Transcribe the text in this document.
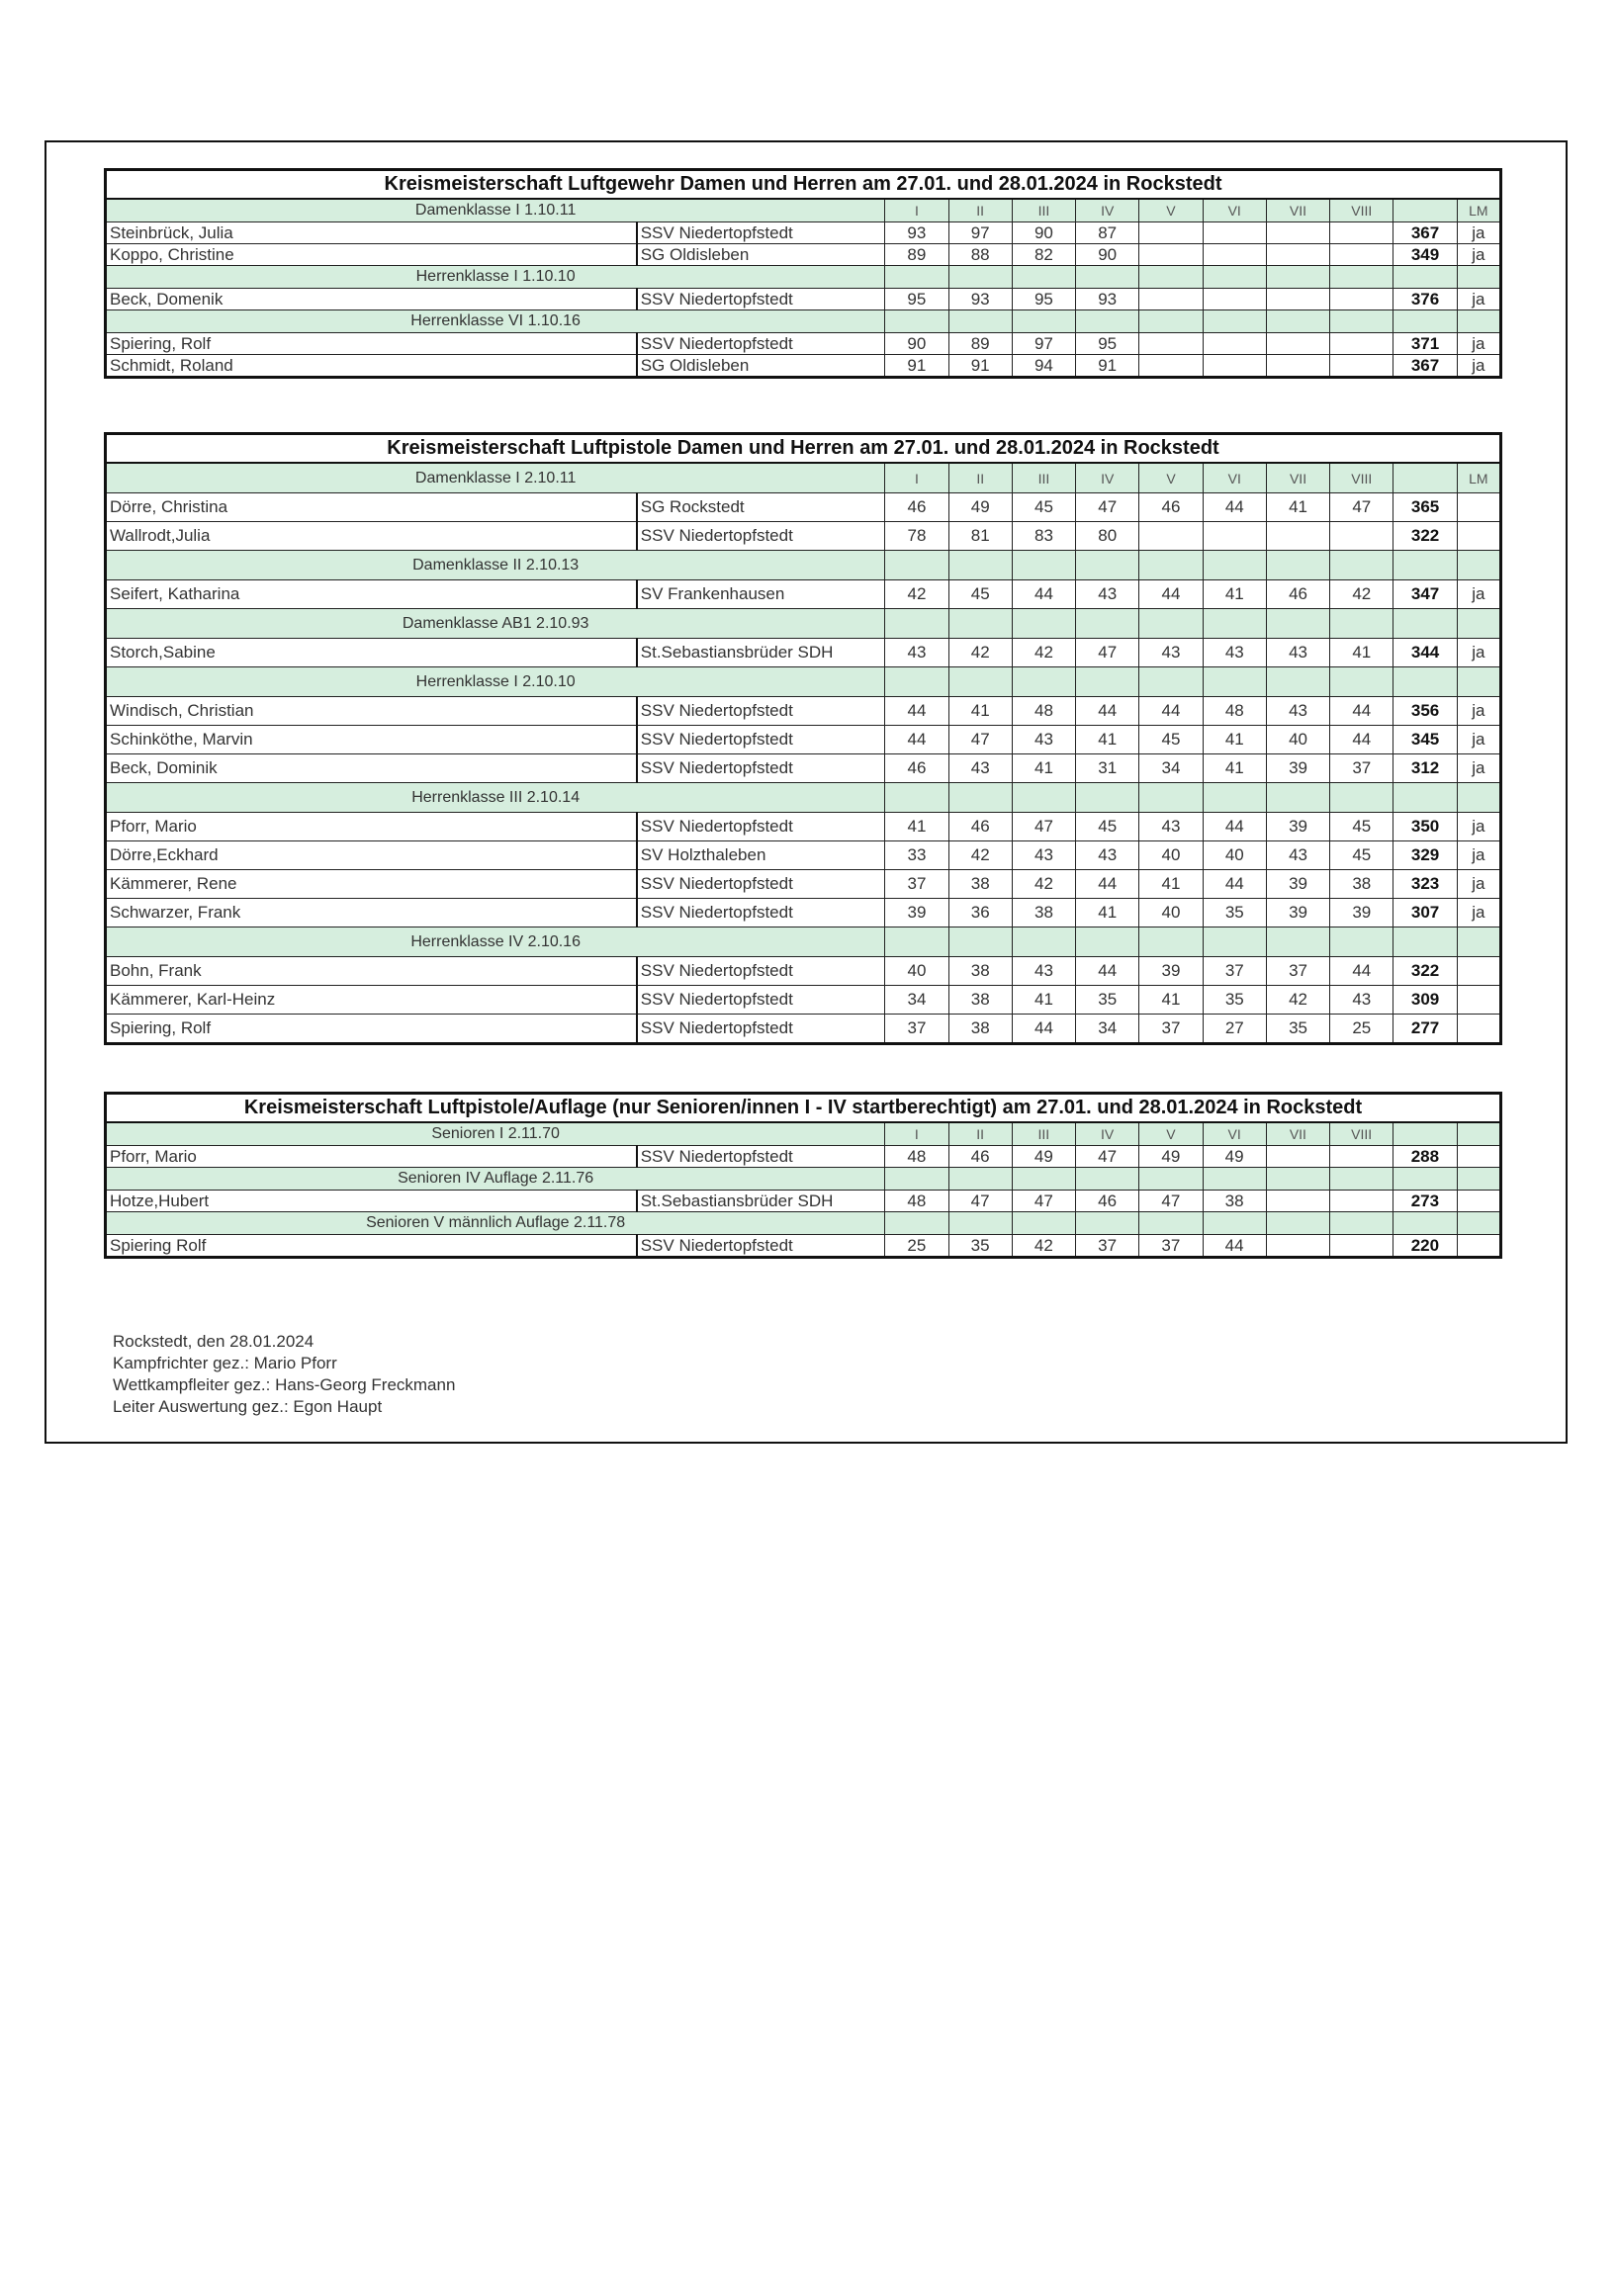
Kreismeisterschaft Luftgewehr Damen und Herren am 27.01. und 28.01.2024 in Rockstedt											
Damenklasse I 1.10.11		I	II	III	IV	V	VI	VII	VIII		LM
Steinbrück, Julia	SSV Niedertopfstedt	93	97	90	87					367	ja
Koppo, Christine	SG Oldisleben	89	88	82	90					349	ja
Herrenklasse I 1.10.10											
Beck, Domenik	SSV Niedertopfstedt	95	93	95	93					376	ja
Herrenklasse VI 1.10.16											
Spiering, Rolf	SSV Niedertopfstedt	90	89	97	95					371	ja
Schmidt, Roland	SG Oldisleben	91	91	94	91					367	ja
Kreismeisterschaft Luftpistole Damen und Herren am 27.01. und 28.01.2024 in Rockstedt											
Damenklasse I 2.10.11		I	II	III	IV	V	VI	VII	VIII		LM
Dörre, Christina	SG Rockstedt	46	49	45	47	46	44	41	47	365	
Wallrodt,Julia	SSV Niedertopfstedt	78	81	83	80					322	
Damenklasse II 2.10.13											
Seifert, Katharina	SV Frankenhausen	42	45	44	43	44	41	46	42	347	ja
Damenklasse AB1 2.10.93											
Storch,Sabine	St.Sebastiansbrüder SDH	43	42	42	47	43	43	43	41	344	ja
Herrenklasse I 2.10.10											
Windisch, Christian	SSV Niedertopfstedt	44	41	48	44	44	48	43	44	356	ja
Schinköthe, Marvin	SSV Niedertopfstedt	44	47	43	41	45	41	40	44	345	ja
Beck, Dominik	SSV Niedertopfstedt	46	43	41	31	34	41	39	37	312	ja
Herrenklasse III 2.10.14											
Pforr, Mario	SSV Niedertopfstedt	41	46	47	45	43	44	39	45	350	ja
Dörre,Eckhard	SV Holzthaleben	33	42	43	43	40	40	43	45	329	ja
Kämmerer, Rene	SSV Niedertopfstedt	37	38	42	44	41	44	39	38	323	ja
Schwarzer, Frank	SSV Niedertopfstedt	39	36	38	41	40	35	39	39	307	ja
Herrenklasse IV 2.10.16											
Bohn, Frank	SSV Niedertopfstedt	40	38	43	44	39	37	37	44	322	
Kämmerer, Karl-Heinz	SSV Niedertopfstedt	34	38	41	35	41	35	42	43	309	
Spiering, Rolf	SSV Niedertopfstedt	37	38	44	34	37	27	35	25	277	
Kreismeisterschaft Luftpistole/Auflage (nur Senioren/innen I - IV startberechtigt) am 27.01. und 28.01.2024 in Rockstedt											
Senioren I 2.11.70		I	II	III	IV	V	VI	VII	VIII		
Pforr, Mario	SSV Niedertopfstedt	48	46	49	47	49	49			288	
Senioren IV Auflage 2.11.76											
Hotze,Hubert	St.Sebastiansbrüder SDH	48	47	47	46	47	38			273	
Senioren V männlich Auflage 2.11.78											
Spiering Rolf	SSV Niedertopfstedt	25	35	42	37	37	44			220	
Rockstedt, den 28.01.2024
Kampfrichter gez.: Mario Pforr
Wettkampfleiter gez.: Hans-Georg Freckmann
Leiter Auswertung gez.: Egon Haupt
